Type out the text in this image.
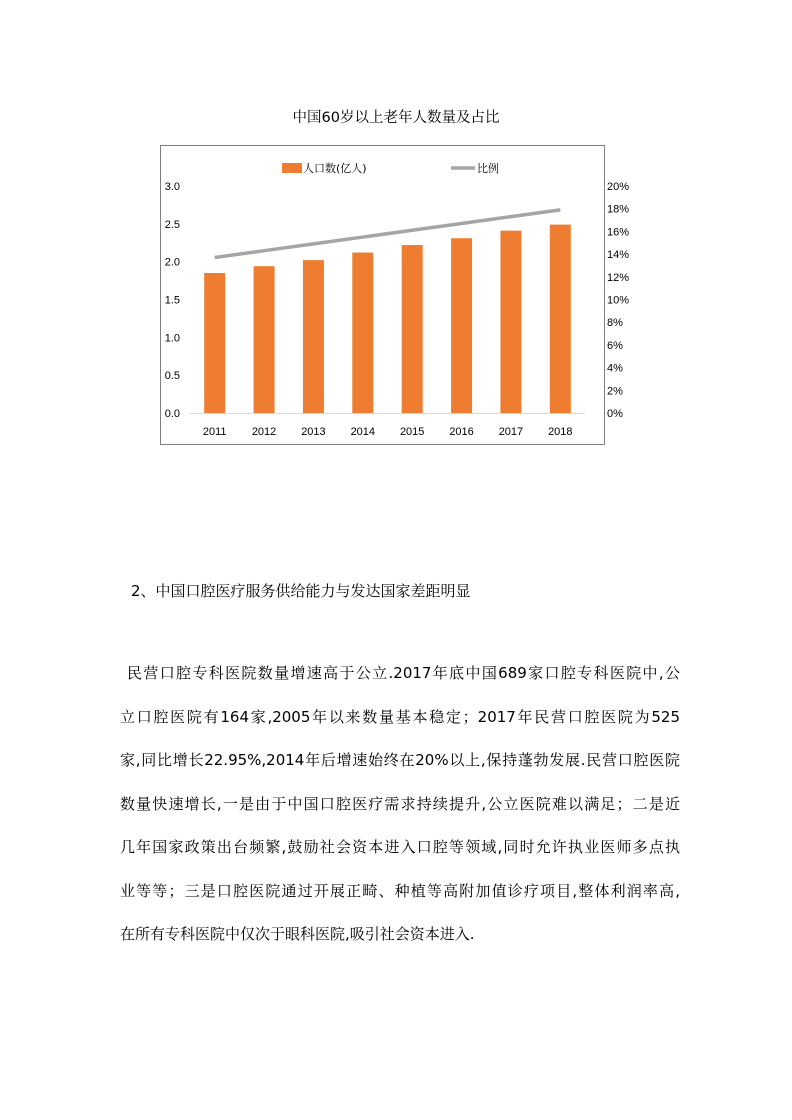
中国60岁以上老年人数量及占比
人口数(亿人)	比例
0.0
0.5
1.0
1.5
2.0
2.5
3.0
0%
2%
4%
6%
8%
10%
12%
14%
16%
18%
20%
2011 2012 2013 2014 2015 2016 2017 2018
2、中国口腔医疗服务供给能力与发达国家差距明显
民营口腔专科医院数量增速高于公立.2017年底中国689家口腔专科医院中,公
立口腔医院有164家,2005年以来数量基本稳定；2017年民营口腔医院为525
家,同比增长22.95%,2014年后增速始终在20%以上,保持蓬勃发展.民营口腔医院
数量快速增长,一是由于中国口腔医疗需求持续提升,公立医院难以满足；二是近
几年国家政策出台频繁,鼓励社会资本进入口腔等领域,同时允许执业医师多点执
业等等；三是口腔医院通过开展正畸、种植等高附加值诊疗项目,整体利润率高,
在所有专科医院中仅次于眼科医院,吸引社会资本进入.
